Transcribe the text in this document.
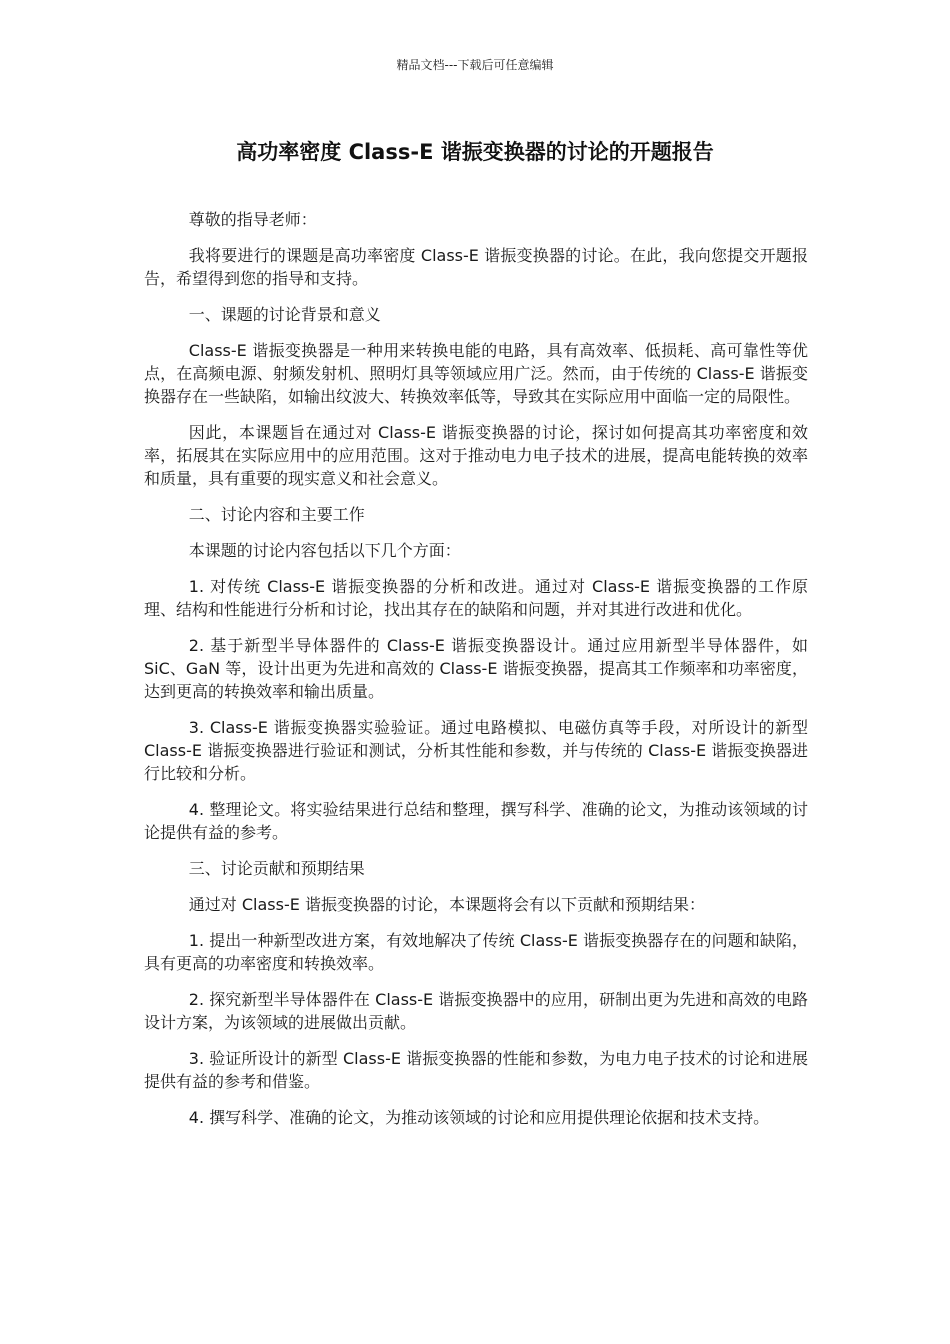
精品文档---下载后可任意编辑
高功率密度 Class-E 谐振变换器的讨论的开题报告

尊敬的指导老师：

我将要进行的课题是高功率密度 Class-E 谐振变换器的讨论。在此，我向您提交开题报告，希望得到您的指导和支持。

一、课题的讨论背景和意义

Class-E 谐振变换器是一种用来转换电能的电路，具有高效率、低损耗、高可靠性等优点，在高频电源、射频发射机、照明灯具等领域应用广泛。然而，由于传统的 Class-E 谐振变换器存在一些缺陷，如输出纹波大、转换效率低等，导致其在实际应用中面临一定的局限性。

因此，本课题旨在通过对 Class-E 谐振变换器的讨论，探讨如何提高其功率密度和效率，拓展其在实际应用中的应用范围。这对于推动电力电子技术的进展，提高电能转换的效率和质量，具有重要的现实意义和社会意义。

二、讨论内容和主要工作

本课题的讨论内容包括以下几个方面：

1. 对传统 Class-E 谐振变换器的分析和改进。通过对 Class-E 谐振变换器的工作原理、结构和性能进行分析和讨论，找出其存在的缺陷和问题，并对其进行改进和优化。

2. 基于新型半导体器件的 Class-E 谐振变换器设计。通过应用新型半导体器件，如 SiC、GaN 等，设计出更为先进和高效的 Class-E 谐振变换器，提高其工作频率和功率密度，达到更高的转换效率和输出质量。

3. Class-E 谐振变换器实验验证。通过电路模拟、电磁仿真等手段，对所设计的新型 Class-E 谐振变换器进行验证和测试，分析其性能和参数，并与传统的 Class-E 谐振变换器进行比较和分析。

4. 整理论文。将实验结果进行总结和整理，撰写科学、准确的论文，为推动该领域的讨论提供有益的参考。

三、讨论贡献和预期结果

通过对 Class-E 谐振变换器的讨论，本课题将会有以下贡献和预期结果：

1. 提出一种新型改进方案，有效地解决了传统 Class-E 谐振变换器存在的问题和缺陷，具有更高的功率密度和转换效率。

2. 探究新型半导体器件在 Class-E 谐振变换器中的应用，研制出更为先进和高效的电路设计方案，为该领域的进展做出贡献。

3. 验证所设计的新型 Class-E 谐振变换器的性能和参数，为电力电子技术的讨论和进展提供有益的参考和借鉴。

4. 撰写科学、准确的论文，为推动该领域的讨论和应用提供理论依据和技术支持。
